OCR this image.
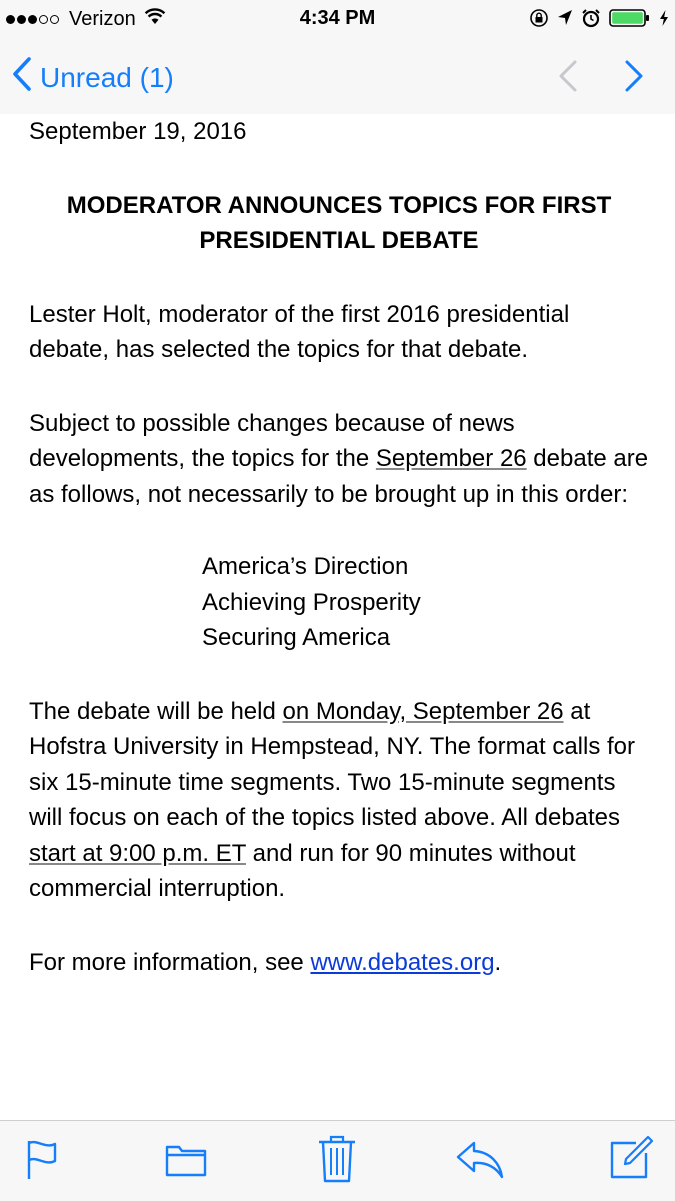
Verizon	4:34 PM
Unread (1)

September 19, 2016

MODERATOR ANNOUNCES TOPICS FOR FIRST
PRESIDENTIAL DEBATE

Lester Holt, moderator of the first 2016 presidential debate, has selected the topics for that debate.

Subject to possible changes because of news developments, the topics for the September 26 debate are as follows, not necessarily to be brought up in this order:

America’s Direction
Achieving Prosperity
Securing America

The debate will be held on Monday, September 26 at Hofstra University in Hempstead, NY. The format calls for six 15-minute time segments. Two 15-minute segments will focus on each of the topics listed above. All debates start at 9:00 p.m. ET and run for 90 minutes without commercial interruption.

For more information, see www.debates.org.
